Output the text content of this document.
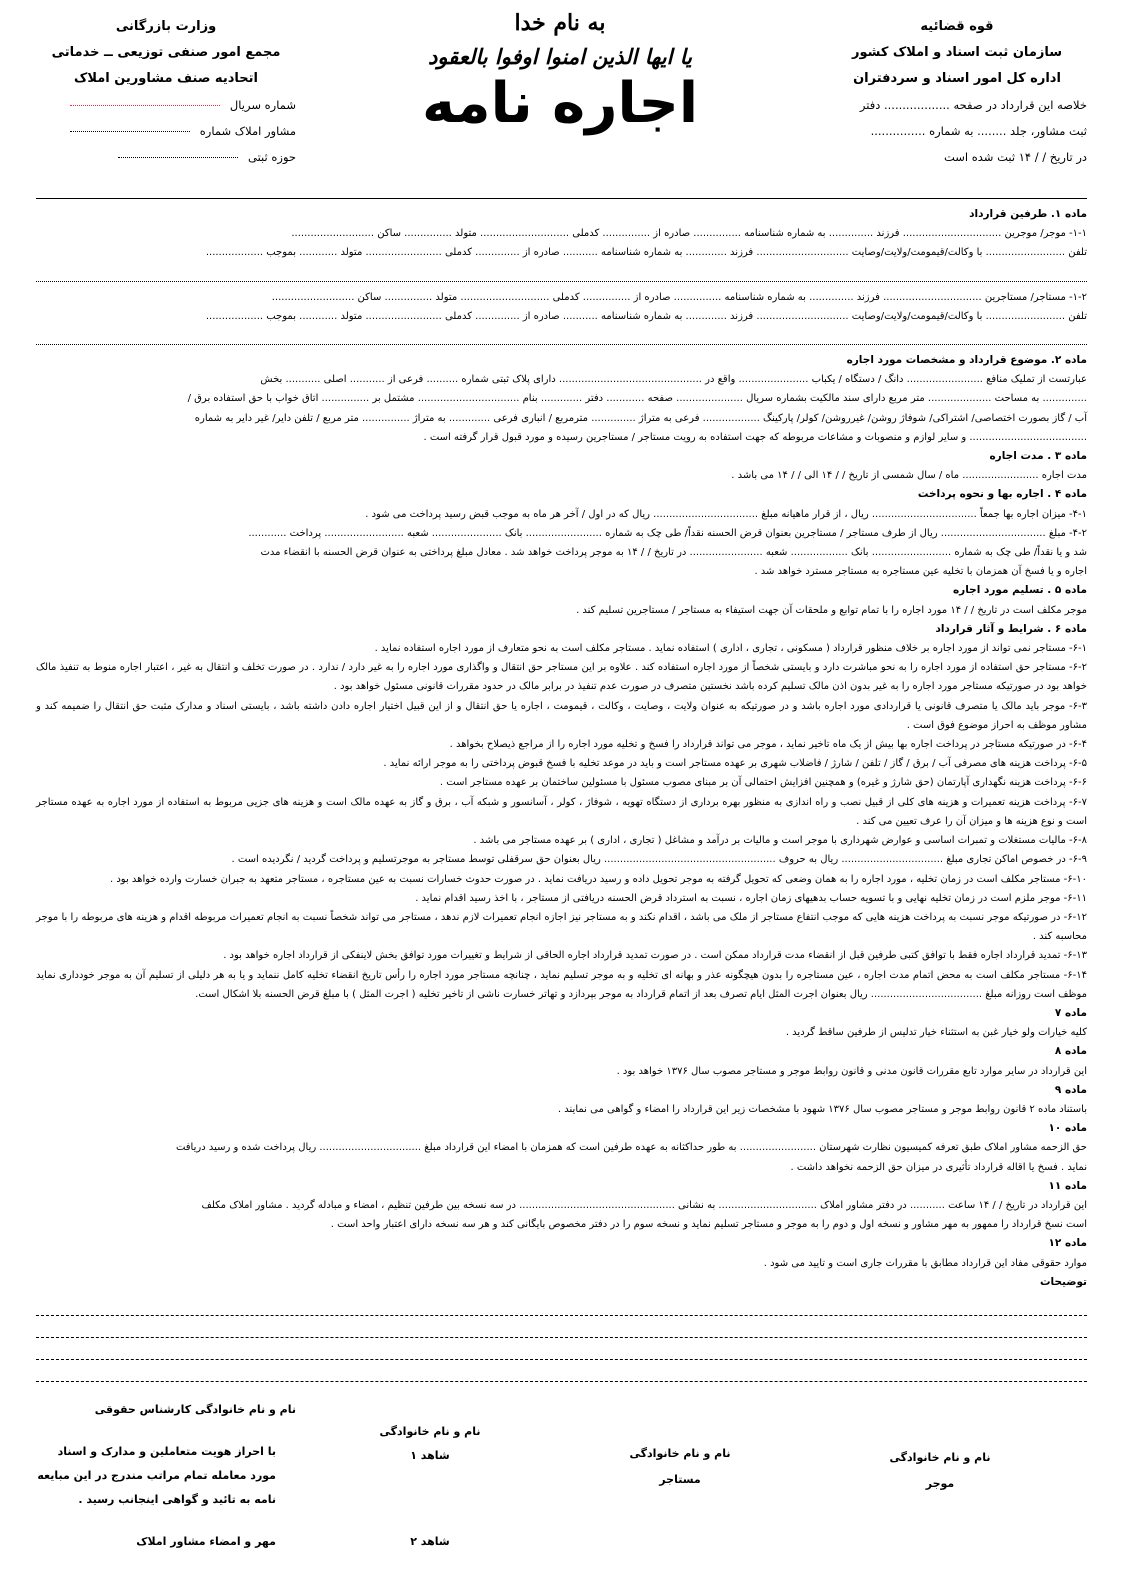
قوه قضائیه
سازمان ثبت اسناد و املاک کشور
اداره کل امور اسناد و سردفتران
خلاصه این قرارداد در صفحه .................. دفتر
ثبت مشاور، جلد ........ به شماره ...............
در تاریخ / / ۱۴ ثبت شده است
به نام خدا
یا ایها الذین امنوا اوفوا بالعقود
اجاره نامه
وزارت بازرگانی
مجمع امور صنفی توزیعی ــ خدماتی
اتحادیه صنف مشاورین املاک
شماره سریال
مشاور املاک شماره
حوزه ثبتی

ماده ۱. طرفین قرارداد

۱-۱- موجر/ موجرین ............................... فرزند .............. به شماره شناسنامه ............... صادره از ............... کدملی ............................ متولد ............... ساکن ..........................

تلفن ......................... با وکالت/قیمومت/ولایت/وصایت ............................. فرزند ............. به شماره شناسنامه ........... صادره از .............. کدملی ........................ متولد ............ بموجب ..................

۱-۲- مستاجر/ مستاجرین ............................... فرزند .............. به شماره شناسنامه ............... صادره از ............... کدملی ............................ متولد ............... ساکن ..........................

تلفن ......................... با وکالت/قیمومت/ولایت/وصایت ............................. فرزند ............. به شماره شناسنامه ........... صادره از .............. کدملی ........................ متولد ............ بموجب ..................

ماده ۲. موضوع قرارداد و مشخصات مورد اجاره

عبارتست از تملیک منافع ........................ دانگ / دستگاه / یکباب ...................... واقع در ............................................. دارای پلاک ثبتی شماره .......... فرعی از ........... اصلی ........... بخش

.............. به مساحت .................... متر مربع دارای سند مالکیت بشماره سریال ..................... صفحه ............ دفتر ............. بنام ................................ مشتمل بر ............... اتاق خواب با حق استفاده برق /

آب / گاز بصورت اختصاصی/ اشتراکی/ شوفاژ روشن/ غیرروشن/ کولر/ پارکینگ .................. فرعی به متراژ .............. مترمربع / انباری فرعی ............. به متراژ ............... متر مربع / تلفن دایر/ غیر دایر به شماره

..................................... و سایر لوازم و منصوبات و مشاعات مربوطه که جهت استفاده به رویت مستاجر / مستاجرین رسیده و مورد قبول قرار گرفته است .

ماده ۳ . مدت اجاره

مدت اجاره ........................ ماه / سال شمسی از تاریخ / / ۱۴ الی / / ۱۴ می باشد .

ماده ۴ . اجاره بها و نحوه پرداخت

۴-۱- میزان اجاره بها جمعاً ................................. ریال ، از قرار ماهیانه مبلغ ................................. ریال که در اول / آخر هر ماه به موجب قبض رسید پرداخت می شود .

۴-۲- مبلغ ................................. ریال از طرف مستاجر / مستاجرین بعنوان قرض الحسنه نقداً/ طی چک به شماره ........................ بانک ...................... شعبه ......................... پرداخت ............

شد و یا نقداً/ طی چک به شماره ......................... بانک .................. شعبه ....................... در تاریخ / / ۱۴ به موجر پرداخت خواهد شد . معادل مبلغ پرداختی به عنوان قرض الحسنه با انقضاء مدت

اجاره و یا فسخ آن همزمان با تخلیه عین مستاجره به مستاجر مسترد خواهد شد .

ماده ۵ . تسلیم مورد اجاره

موجر مکلف است در تاریخ / / ۱۴ مورد اجاره را با تمام توابع و ملحقات آن جهت استیفاء به مستاجر / مستاجرین تسلیم کند .

ماده ۶ . شرایط و آثار قرارداد

۶-۱- مستاجر نمی تواند از مورد اجاره بر خلاف منظور قرارداد ( مسکونی ، تجاری ، اداری ) استفاده نماید . مستاجر مکلف است به نحو متعارف از مورد اجاره استفاده نماید .

۶-۲- مستاجر حق استفاده از مورد اجاره را به نحو مباشرت دارد و بایستی شخصاً از مورد اجاره استفاده کند . علاوه بر این مستاجر حق انتقال و واگذاری مورد اجاره را به غیر دارد / ندارد . در صورت تخلف و انتقال به غیر ، اعتبار اجاره منوط به تنفیذ مالک خواهد بود در صورتیکه مستاجر مورد اجاره را به غیر بدون اذن مالک تسلیم کرده باشد نخستین متصرف در صورت عدم تنفیذ در برابر مالک در حدود مقررات قانونی مسئول خواهد بود .

۶-۳- موجر باید مالک یا متصرف قانونی یا قراردادی مورد اجاره باشد و در صورتیکه به عنوان ولایت ، وصایت ، وکالت ، قیمومت ، اجاره یا حق انتقال و از این قبیل اختیار اجاره دادن داشته باشد ، بایستی اسناد و مدارک مثبت حق انتقال را ضمیمه کند و مشاور موظف به احراز موضوع فوق است .

۶-۴- در صورتیکه مستاجر در پرداخت اجاره بها بیش از یک ماه تاخیر نماید ، موجر می تواند قرارداد را فسخ و تخلیه مورد اجاره را از مراجع ذیصلاح بخواهد .

۶-۵- پرداخت هزینه های مصرفی آب / برق / گاز / تلفن / شارژ / فاضلاب شهری بر عهده مستاجر است و باید در موعد تخلیه با فسخ قبوض پرداختی را به موجر ارائه نماید .

۶-۶- پرداخت هزینه نگهداری آپارتمان (حق شارژ و غیره) و همچنین افزایش احتمالی آن بر مبنای مصوب مسئول با مسئولین ساختمان بر عهده مستاجر است .

۶-۷- پرداخت هزینه تعمیرات و هزینه های کلی از قبیل نصب و راه اندازی به منظور بهره برداری از دستگاه تهویه ، شوفاژ ، کولر ، آسانسور و شبکه آب ، برق و گاز به عهده مالک است و هزینه های جزیی مربوط به استفاده از مورد اجاره به عهده مستاجر است و نوع هزینه ها و میزان آن را عرف تعیین می کند .

۶-۸- مالیات مستغلات و تمبرات اساسی و عوارض شهرداری با موجر است و مالیات بر درآمد و مشاغل ( تجاری ، اداری ) بر عهده مستاجر می باشد .

۶-۹- در خصوص اماکن تجاری مبلغ ................................ ریال به حروف ...................................................... ریال بعنوان حق سرقفلی توسط مستاجر به موجرتسلیم و پرداخت گردید / نگردیده است .

۶-۱۰- مستاجر مکلف است در زمان تخلیه ، مورد اجاره را به همان وضعی که تحویل گرفته به موجر تحویل داده و رسید دریافت نماید . در صورت حدوث خسارات نسبت به عین مستاجره ، مستاجر متعهد به جبران خسارت وارده خواهد بود .

۶-۱۱- موجر ملزم است در زمان تخلیه نهایی و با تسویه حساب بدهیهای زمان اجاره ، نسبت به استرداد قرض الحسنه دریافتی از مستاجر ، با اخذ رسید اقدام نماید .

۶-۱۲- در صورتیکه موجر نسبت به پرداخت هزینه هایی که موجب انتفاع مستاجر از ملک می باشد ، اقدام نکند و به مستاجر نیز اجازه انجام تعمیرات لازم ندهد ، مستاجر می تواند شخصاً نسبت به انجام تعمیرات مربوطه اقدام و هزینه های مربوطه را با موجر محاسبه کند .

۶-۱۳- تمدید قرارداد اجاره فقط با توافق کتبی طرفین قبل از انقضاء مدت قرارداد ممکن است . در صورت تمدید قرارداد اجاره الحاقی از شرایط و تغییرات مورد توافق بخش لاینفکی از قرارداد اجاره خواهد بود .

۶-۱۴- مستاجر مکلف است به محض اتمام مدت اجاره ، عین مستاجره را بدون هیچگونه عذر و بهانه ای تخلیه و به موجر تسلیم نماید ، چنانچه مستاجر مورد اجاره را رأس تاریخ انقضاء تخلیه کامل ننماید و یا به هر دلیلی از تسلیم آن به موجر خودداری نماید موظف است روزانه مبلغ ................................... ریال بعنوان اجرت المثل ایام تصرف بعد از اتمام قرارداد به موجر بپردازد و تهاتر خسارت ناشی از تاخیر تخلیه ( اجرت المثل ) با مبلغ قرض الحسنه بلا اشکال است.

ماده ۷

کلیه خیارات ولو خیار غبن به استثناء خیار تدلیس از طرفین ساقط گردید .

ماده ۸

این قرارداد در سایر موارد تابع مقررات قانون مدنی و قانون روابط موجر و مستاجر مصوب سال ۱۳۷۶ خواهد بود .

ماده ۹

باستناد ماده ۲ قانون روابط موجر و مستاجر مصوب سال ۱۳۷۶ شهود با مشخصات زیر این قرارداد را امضاء و گواهی می نمایند .

ماده ۱۰

حق الزحمه مشاور املاک طبق تعرفه کمیسیون نظارت شهرستان ........................ به طور حداکثانه به عهده طرفین است که همزمان با امضاء این قرارداد مبلغ ................................ ریال پرداخت شده و رسید دریافت

نماید . فسخ یا اقاله قرارداد تأثیری در میزان حق الزحمه نخواهد داشت .

ماده ۱۱

این قرارداد در تاریخ / / ۱۴ ساعت ........... در دفتر مشاور املاک ............................... به نشانی ................................................. در سه نسخه بین طرفین تنظیم ، امضاء و مبادله گردید . مشاور املاک مکلف

است نسخ قرارداد را ممهور به مهر مشاور و نسخه اول و دوم را به موجر و مستاجر تسلیم نماید و نسخه سوم را در دفتر مخصوص بایگانی کند و هر سه نسخه دارای اعتبار واحد است .

ماده ۱۲

موارد حقوقی مفاد این قرارداد مطابق با مقررات جاری است و تایید می شود .

توضیحات

نام و نام خانوادگی کارشناس حقوقی
با احراز هویت متعاملین و مدارک و اسناد مورد معامله تمام مراتب مندرج در این مبایعه نامه به تائید و گواهی اینجانب رسید .
مهر و امضاء مشاور املاک
نام و نام خانوادگی
شاهد ۱
شاهد ۲
نام و نام خانوادگی
مستاجر
نام و نام خانوادگی
موجر
